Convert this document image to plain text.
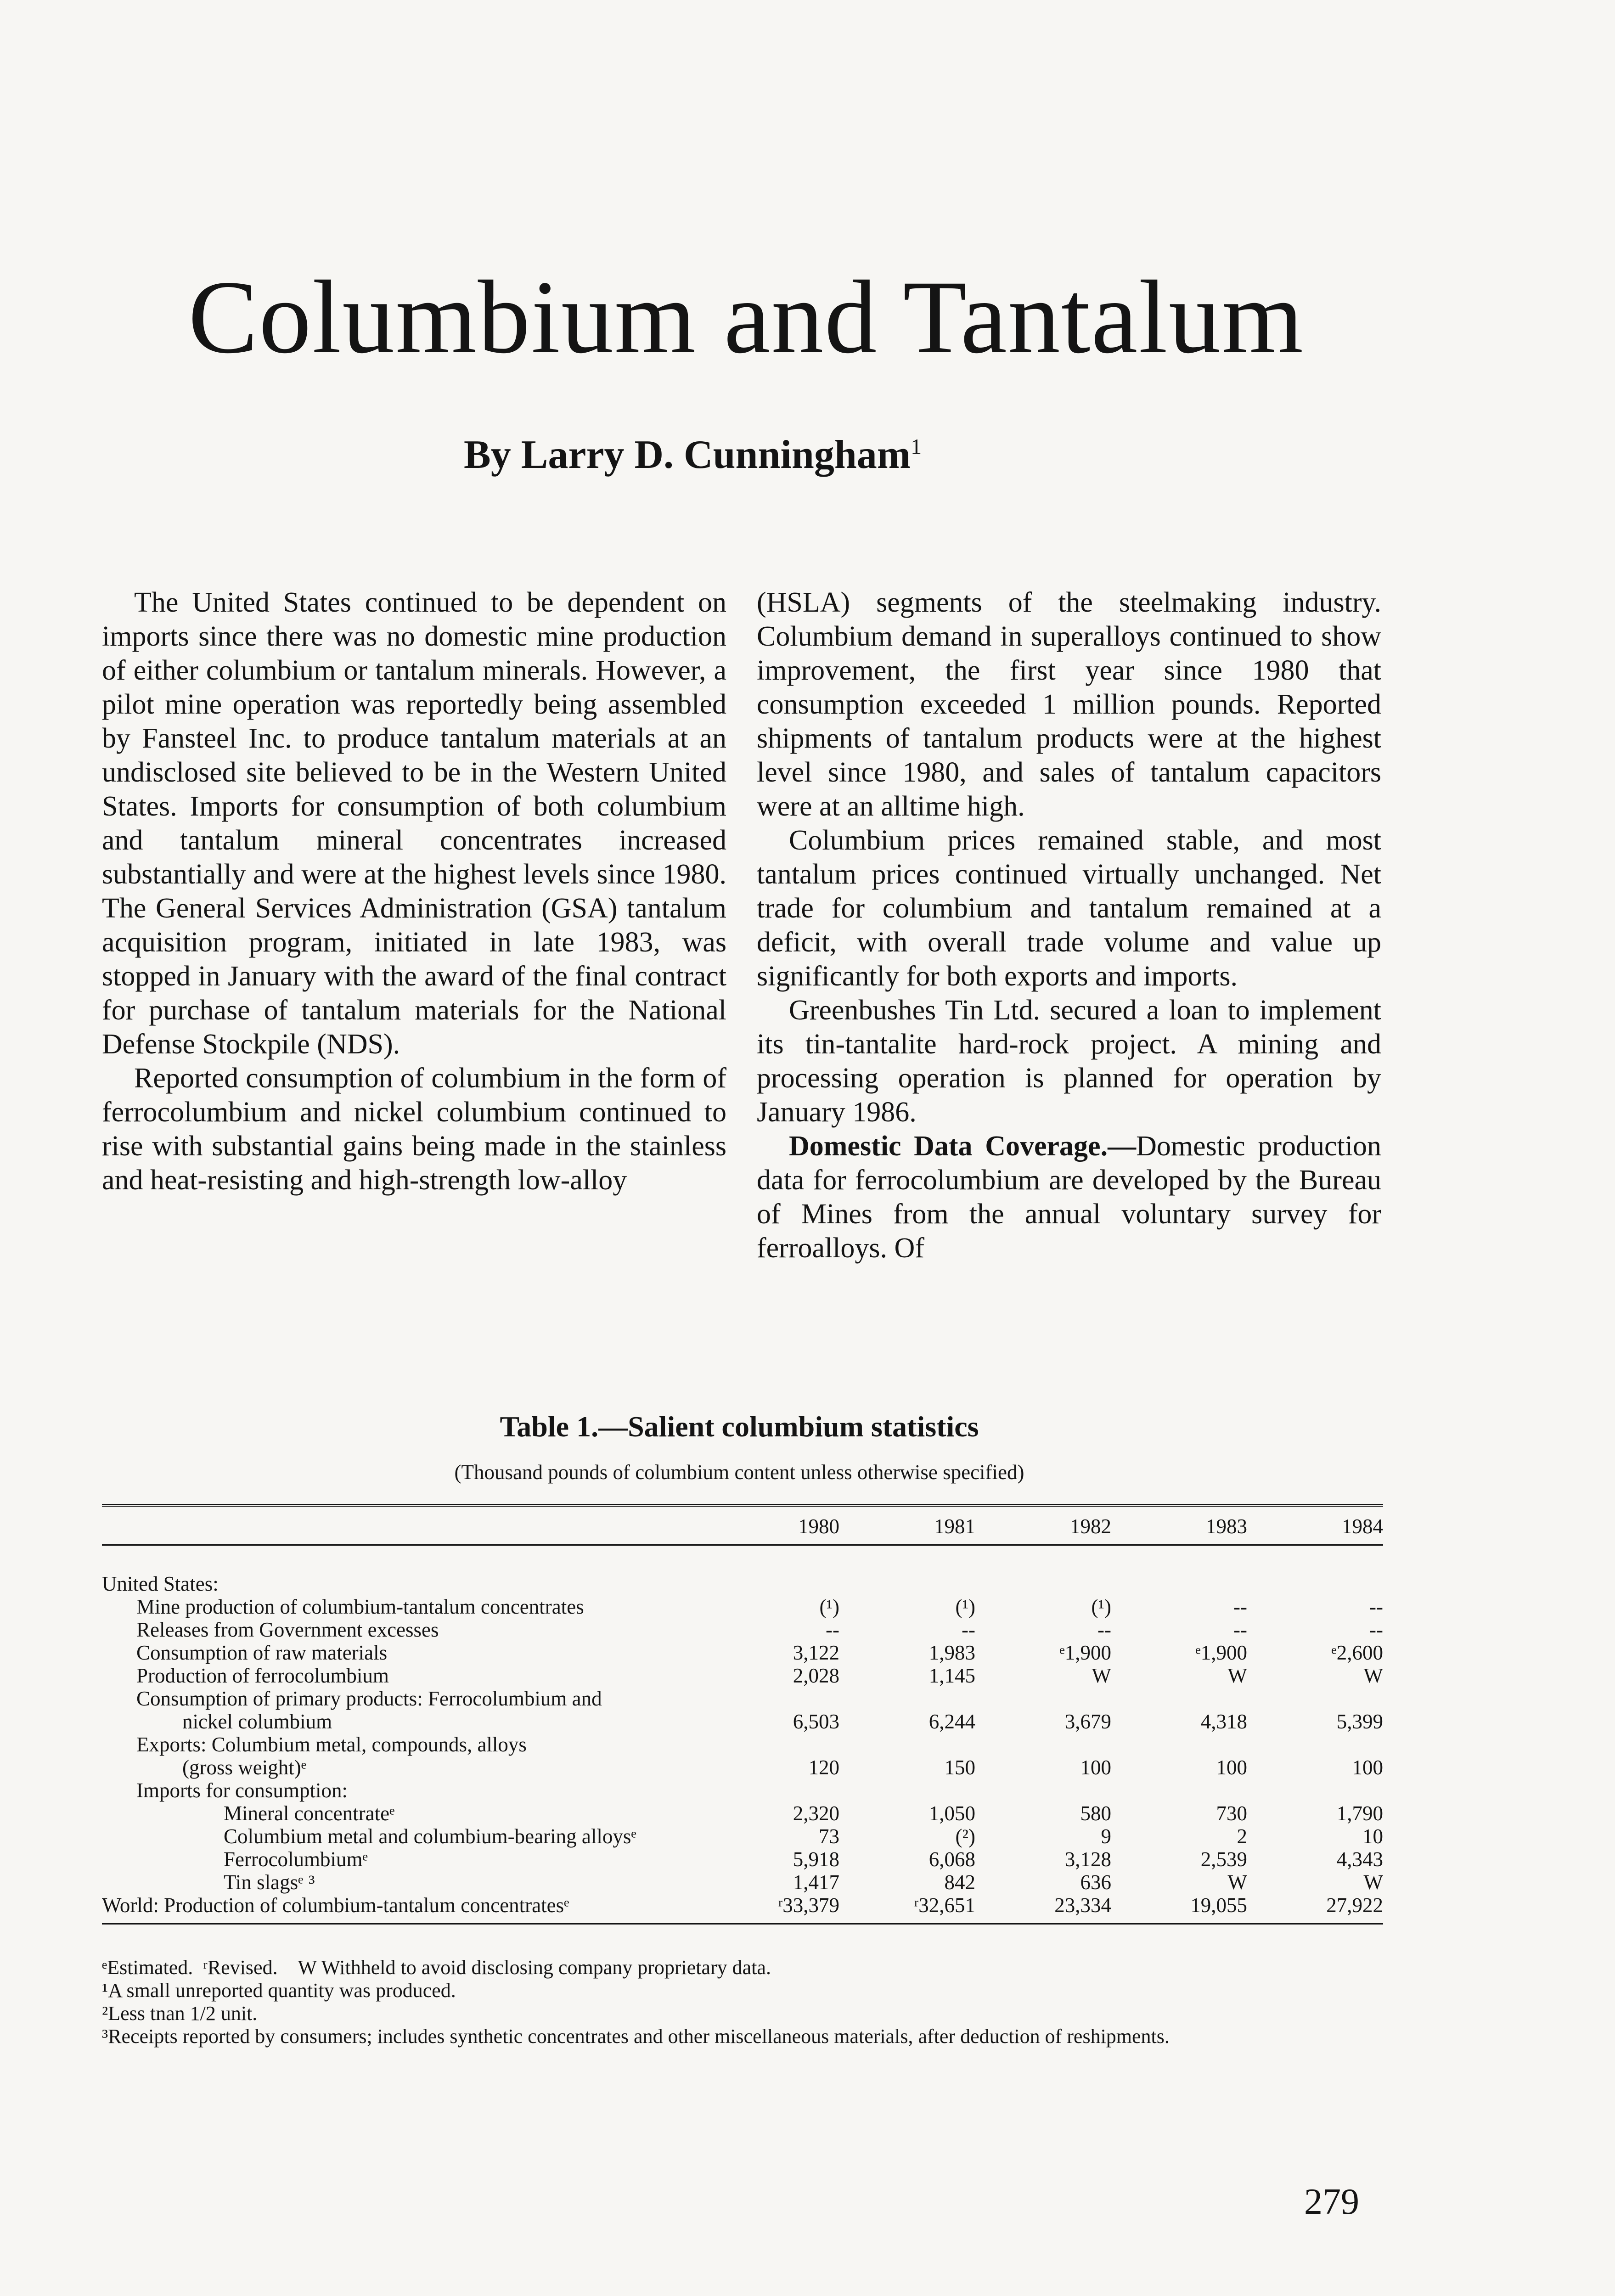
Columbium and Tantalum
By Larry D. Cunningham$^1$

The United States continued to be dependent on imports since there was no domestic mine production of either columbium or tantalum minerals. However, a pilot mine operation was reportedly being assembled by Fansteel Inc. to produce tantalum materials at an undisclosed site believed to be in the Western United States. Imports for consumption of both columbium and tantalum mineral concentrates increased substantially and were at the highest levels since 1980. The General Services Administration (GSA) tantalum acquisition program, initiated in late 1983, was stopped in January with the award of the final contract for purchase of tantalum materials for the National Defense Stockpile (NDS).

Reported consumption of columbium in the form of ferrocolumbium and nickel columbium continued to rise with substantial gains being made in the stainless and heat-resisting and high-strength low-alloy

(HSLA) segments of the steelmaking industry. Columbium demand in superalloys continued to show improvement, the first year since 1980 that consumption exceeded 1 million pounds. Reported shipments of tantalum products were at the highest level since 1980, and sales of tantalum capacitors were at an alltime high.

Columbium prices remained stable, and most tantalum prices continued virtually unchanged. Net trade for columbium and tantalum remained at a deficit, with overall trade volume and value up significantly for both exports and imports.

Greenbushes Tin Ltd. secured a loan to implement its tin-tantalite hard-rock project. A mining and processing operation is planned for operation by January 1986.

Domestic Data Coverage.—Domestic production data for ferrocolumbium are developed by the Bureau of Mines from the annual voluntary survey for ferroalloys. Of

Table 1.—Salient columbium statistics
(Thousand pounds of columbium content unless otherwise specified)
	1980	1981	1982	1983	1984
United States:					
Mine production of columbium-tantalum concentrates	(¹)	(¹)	(¹)	--	--
Releases from Government excesses	--	--	--	--	--
Consumption of raw materials	3,122	1,983	ᵉ1,900	ᵉ1,900	ᵉ2,600
Production of ferrocolumbium	2,028	1,145	W	W	W
Consumption of primary products: Ferrocolumbium and					
nickel columbium	6,503	6,244	3,679	4,318	5,399
Exports: Columbium metal, compounds, alloys					
(gross weight)ᵉ	120	150	100	100	100
Imports for consumption:					
Mineral concentrateᵉ	2,320	1,050	580	730	1,790
Columbium metal and columbium-bearing alloysᵉ	73	(²)	9	2	10
Ferrocolumbiumᵉ	5,918	6,068	3,128	2,539	4,343
Tin slagsᵉ ³	1,417	842	636	W	W
World: Production of columbium-tantalum concentratesᵉ	ʳ33,379	ʳ32,651	23,334	19,055	27,922
ᵉEstimated. ʳRevised. W Withheld to avoid disclosing company proprietary data.
¹A small unreported quantity was produced.
²Less tnan 1/2 unit.
³Receipts reported by consumers; includes synthetic concentrates and other miscellaneous materials, after deduction of reshipments.
279
